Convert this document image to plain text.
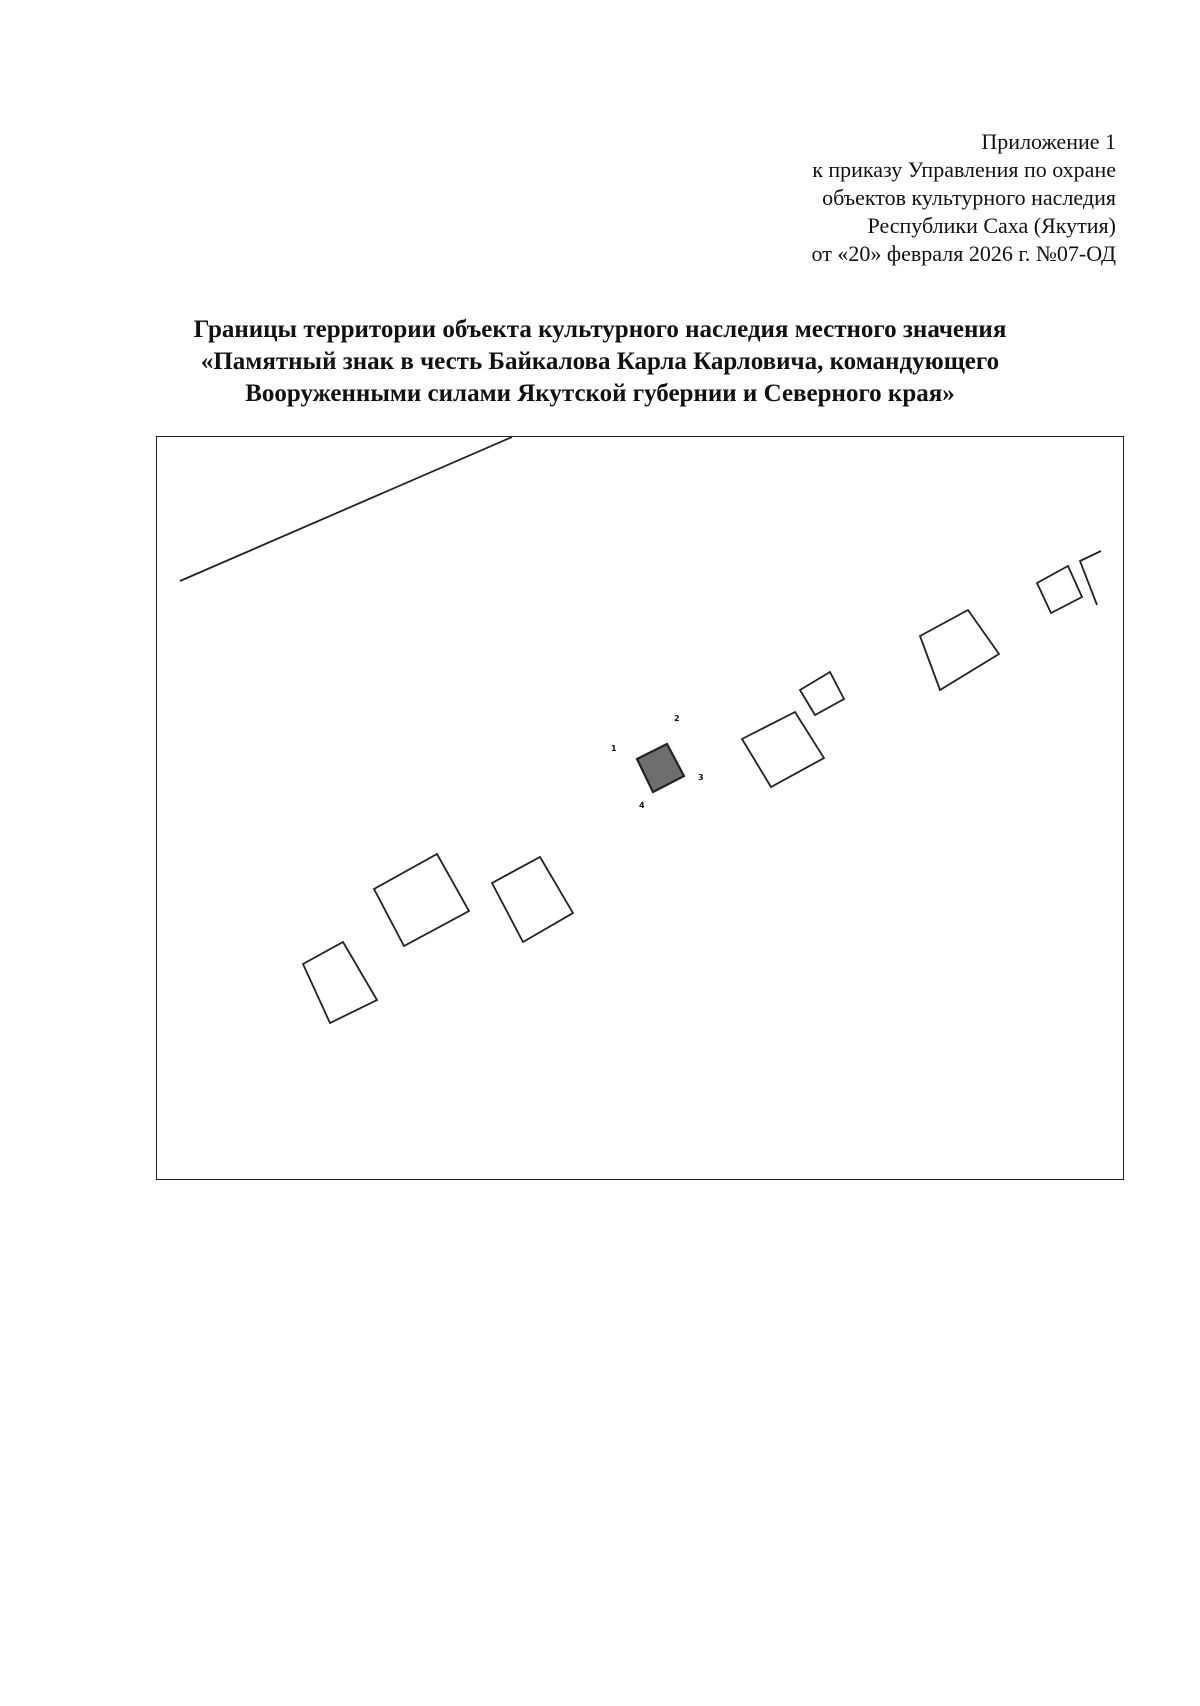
Приложение 1
к приказу Управления по охране
объектов культурного наследия
Республики Саха (Якутия)
от «20» февраля 2026 г. №07-ОД
Границы территории объекта культурного наследия местного значения
«Памятный знак в честь Байкалова Карла Карловича, командующего
Вооруженными силами Якутской губернии и Северного края»
1
2
3
4
